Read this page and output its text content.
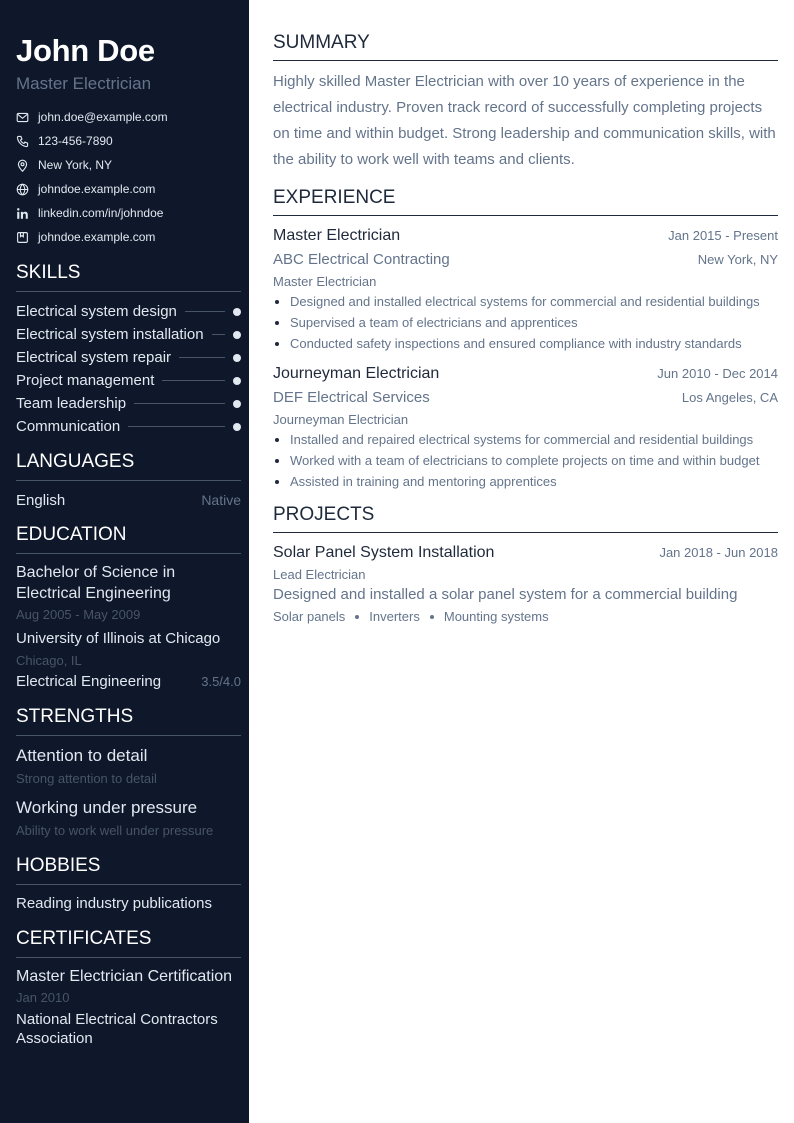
John Doe
Master Electrician
john.doe@example.com
123-456-7890
New York, NY
johndoe.example.com
linkedin.com/in/johndoe
johndoe.example.com
SKILLS
Electrical system design
Electrical system installation
Electrical system repair
Project management
Team leadership
Communication
LANGUAGES
English	Native
EDUCATION
Bachelor of Science in Electrical Engineering
Aug 2005 - May 2009
University of Illinois at Chicago
Chicago, IL
Electrical Engineering	3.5/4.0
STRENGTHS
Attention to detail
Strong attention to detail
Working under pressure
Ability to work well under pressure
HOBBIES
Reading industry publications
CERTIFICATES
Master Electrician Certification
Jan 2010
National Electrical Contractors Association
SUMMARY

Highly skilled Master Electrician with over 10 years of experience in the electrical industry. Proven track record of successfully completing projects on time and within budget. Strong leadership and communication skills, with the ability to work well with teams and clients.

EXPERIENCE
Master Electrician	Jan 2015 - Present
ABC Electrical Contracting	New York, NY
Master Electrician
Designed and installed electrical systems for commercial and residential buildings
Supervised a team of electricians and apprentices
Conducted safety inspections and ensured compliance with industry standards
Journeyman Electrician	Jun 2010 - Dec 2014
DEF Electrical Services	Los Angeles, CA
Journeyman Electrician
Installed and repaired electrical systems for commercial and residential buildings
Worked with a team of electricians to complete projects on time and within budget
Assisted in training and mentoring apprentices
PROJECTS
Solar Panel System Installation	Jan 2018 - Jun 2018
Lead Electrician
Designed and installed a solar panel system for a commercial building
Solar panels Inverters Mounting systems
